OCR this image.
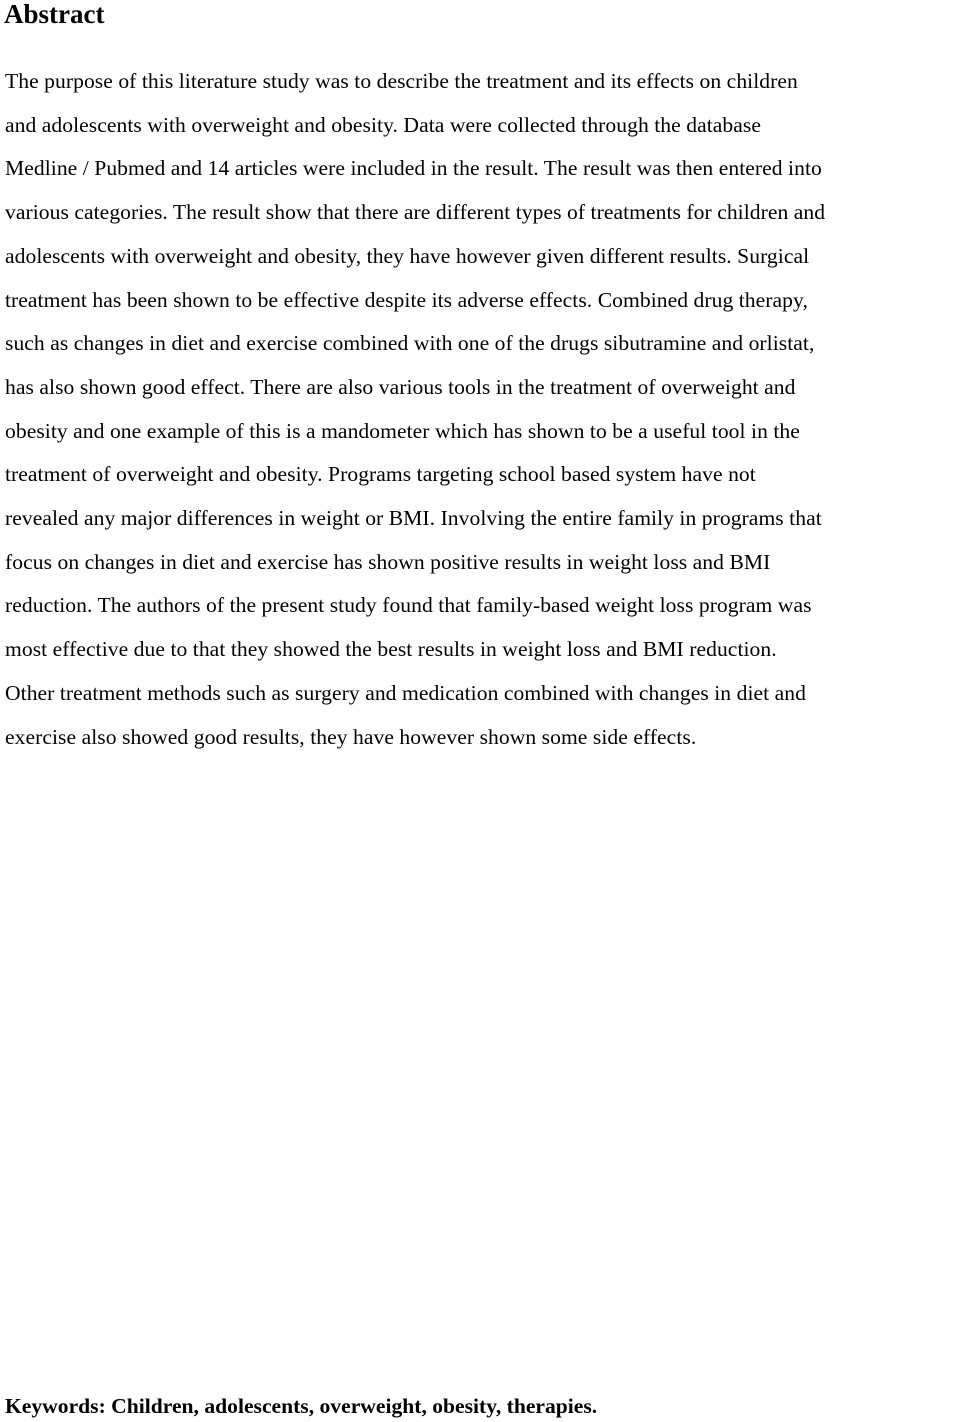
Abstract

The purpose of this literature study was to describe the treatment and its effects on children
and adolescents with overweight and obesity. Data were collected through the database
Medline / Pubmed and 14 articles were included in the result. The result was then entered into
various categories. The result show that there are different types of treatments for children and
adolescents with overweight and obesity, they have however given different results. Surgical
treatment has been shown to be effective despite its adverse effects. Combined drug therapy,
such as changes in diet and exercise combined with one of the drugs sibutramine and orlistat,
has also shown good effect. There are also various tools in the treatment of overweight and
obesity and one example of this is a mandometer which has shown to be a useful tool in the
treatment of overweight and obesity. Programs targeting school based system have not
revealed any major differences in weight or BMI. Involving the entire family in programs that
focus on changes in diet and exercise has shown positive results in weight loss and BMI
reduction. The authors of the present study found that family-based weight loss program was
most effective due to that they showed the best results in weight loss and BMI reduction.
Other treatment methods such as surgery and medication combined with changes in diet and
exercise also showed good results, they have however shown some side effects.

Keywords: Children, adolescents, overweight, obesity, therapies.
